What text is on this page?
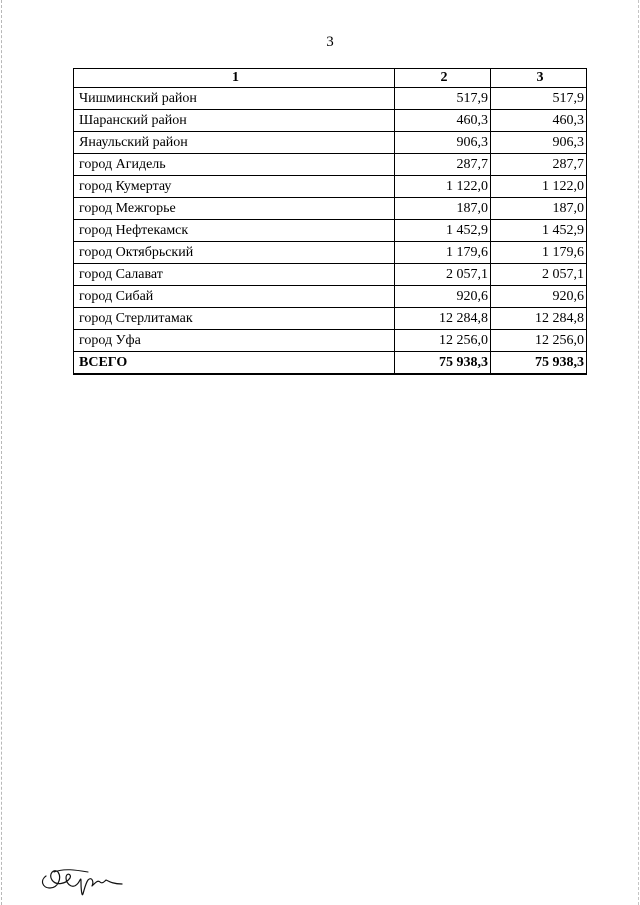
3
1	2	3
Чишминский район	517,9	517,9
Шаранский район	460,3	460,3
Янаульский район	906,3	906,3
город Агидель	287,7	287,7
город Кумертау	1 122,0	1 122,0
город Межгорье	187,0	187,0
город Нефтекамск	1 452,9	1 452,9
город Октябрьский	1 179,6	1 179,6
город Салават	2 057,1	2 057,1
город Сибай	920,6	920,6
город Стерлитамак	12 284,8	12 284,8
город Уфа	12 256,0	12 256,0
ВСЕГО	75 938,3	75 938,3
